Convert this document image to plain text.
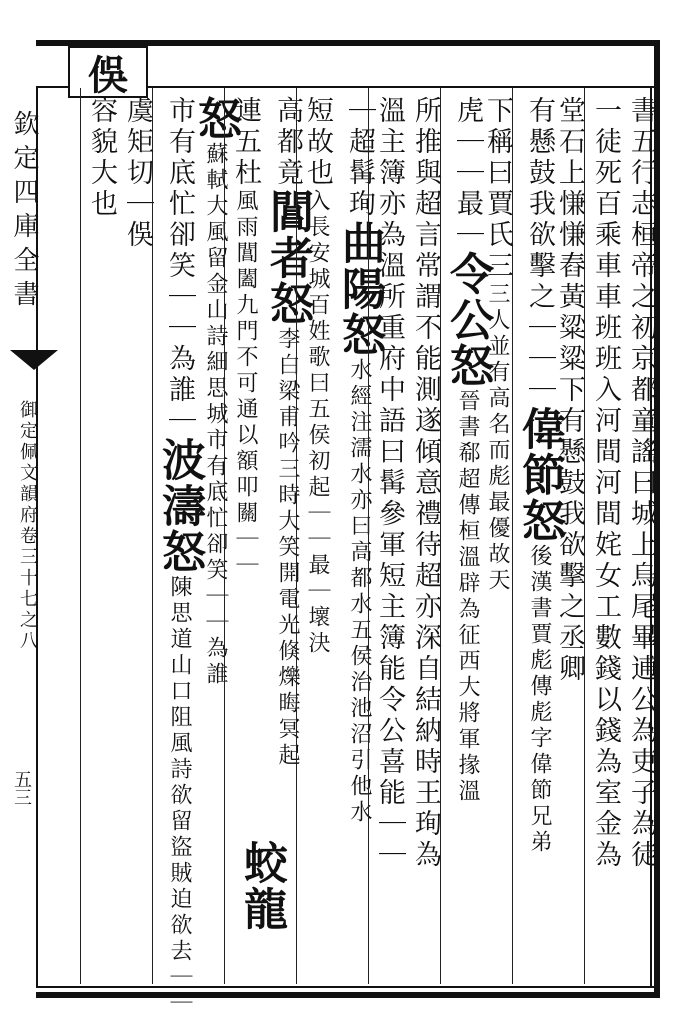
欽定四庫全書
御定佩文韻府卷三十七之八
五三
俁
書五行志桓帝之初京都童謠曰城上烏尾畢逋公為吏子為徒
一徒死百乘車車班班入河間河間姹女工數錢以錢為室金為
堂石上慊慊舂黃粱粱下有懸鼓我欲擊之丞卿
有懸鼓我欲擊之｜｜｜偉節怒後漢書賈彪傳彪字偉節兄弟
下稱曰賈氏三三人並有高名而彪最優故天
虎｜｜最｜令公怒晉書郗超傳桓溫辟為征西大將軍掾溫
所推與超言常謂不能測遂傾意禮待超亦深自結納時王珣為
溫主簿亦為溫所重府中語曰髯參軍短主簿能令公喜能｜｜
｜超髯珣曲陽怒水經注濡水亦曰高都水五侯治池沼引他水
短故也入長安城百姓歌曰五侯初起｜｜最｜壞決
高都竟閶者怒李白梁甫吟三時大笑開電光倏爍晦冥起
連五杜風雨閶闔九門不可通以額叩關｜｜
怒蘇軾大風留金山詩細思城市有底忙卻笑｜｜為誰
市有底忙卻笑｜｜為誰｜波濤怒陳思道山口阻風詩欲留盜賊迫欲去｜｜
虞矩切｜俁
容貌大也
蛟龍
